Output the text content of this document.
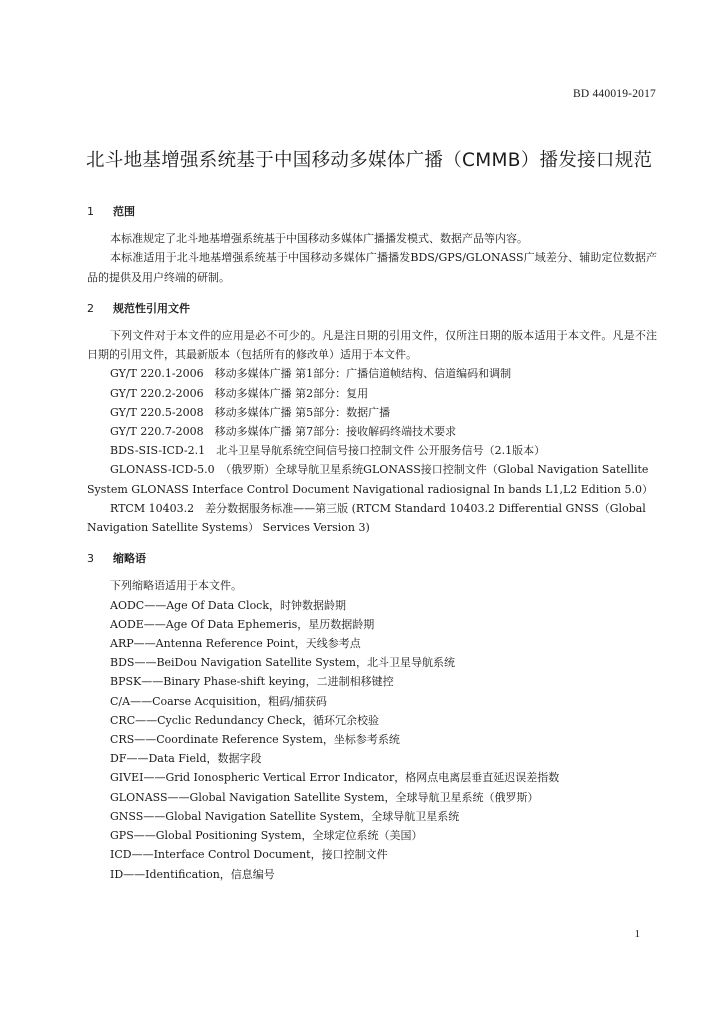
BD 440019-2017
北斗地基增强系统基于中国移动多媒体广播（CMMB）播发接口规范
1	范围

本标准规定了北斗地基增强系统基于中国移动多媒体广播播发模式、数据产品等内容。

本标准适用于北斗地基增强系统基于中国移动多媒体广播播发BDS/GPS/GLONASS广域差分、辅助定位数据产品的提供及用户终端的研制。

2	规范性引用文件

下列文件对于本文件的应用是必不可少的。凡是注日期的引用文件，仅所注日期的版本适用于本文件。凡是不注日期的引用文件，其最新版本（包括所有的修改单）适用于本文件。

GY/T 220.1-2006　移动多媒体广播 第1部分：广播信道帧结构、信道编码和调制

GY/T 220.2-2006　移动多媒体广播 第2部分：复用

GY/T 220.5-2008　移动多媒体广播 第5部分：数据广播

GY/T 220.7-2008　移动多媒体广播 第7部分：接收解码终端技术要求

BDS-SIS-ICD-2.1　北斗卫星导航系统空间信号接口控制文件 公开服务信号（2.1版本）

GLONASS-ICD-5.0　（俄罗斯）全球导航卫星系统GLONASS接口控制文件（Global Navigation Satellite System GLONASS Interface Control Document Navigational radiosignal In bands L1,L2 Edition 5.0）

RTCM 10403.2　差分数据服务标准——第三版 (RTCM Standard 10403.2 Differential GNSS（Global Navigation Satellite Systems） Services Version 3)

3	缩略语

下列缩略语适用于本文件。

AODC——Age Of Data Clock，时钟数据龄期

AODE——Age Of Data Ephemeris，星历数据龄期

ARP——Antenna Reference Point，天线参考点

BDS——BeiDou Navigation Satellite System，北斗卫星导航系统

BPSK——Binary Phase-shift keying，二进制相移键控

C/A——Coarse Acquisition，粗码/捕获码

CRC——Cyclic Redundancy Check，循环冗余校验

CRS——Coordinate Reference System，坐标参考系统

DF——Data Field，数据字段

GIVEI——Grid Ionospheric Vertical Error Indicator，格网点电离层垂直延迟误差指数

GLONASS——Global Navigation Satellite System，全球导航卫星系统（俄罗斯）

GNSS——Global Navigation Satellite System，全球导航卫星系统

GPS——Global Positioning System，全球定位系统（美国）

ICD——Interface Control Document，接口控制文件

ID——Identification，信息编号

1
